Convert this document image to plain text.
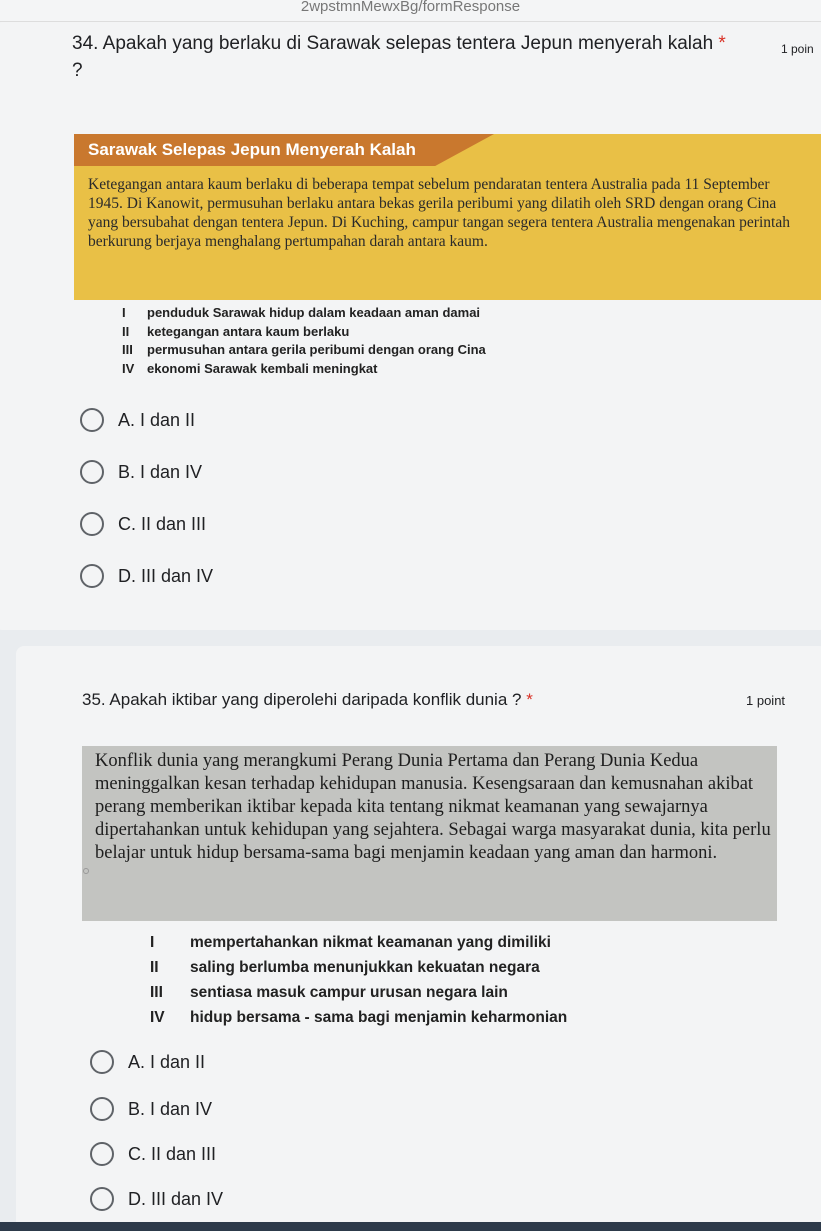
2wpstmnMewxBg/formResponse
34. Apakah yang berlaku di Sarawak selepas tentera Jepun menyerah kalah *
?
1 poin
Sarawak Selepas Jepun Menyerah Kalah
Ketegangan antara kaum berlaku di beberapa tempat sebelum pendaratan tentera Australia pada 11 September 1945. Di Kanowit, permusuhan berlaku antara bekas gerila peribumi yang dilatih oleh SRD dengan orang Cina yang bersubahat dengan tentera Jepun. Di Kuching, campur tangan segera tentera Australia mengenakan perintah berkurung berjaya menghalang pertumpahan darah antara kaum.
I	penduduk Sarawak hidup dalam keadaan aman damai
II	ketegangan antara kaum berlaku
III	permusuhan antara gerila peribumi dengan orang Cina
IV ekonomi Sarawak kembali meningkat
A. I dan II
B. I dan IV
C. II dan III
D. III dan IV
35. Apakah iktibar yang diperolehi daripada konflik dunia ? *	1 point
Konflik dunia yang merangkumi Perang Dunia Pertama dan Perang Dunia Kedua meninggalkan kesan terhadap kehidupan manusia. Kesengsaraan dan kemusnahan akibat perang memberikan iktibar kepada kita tentang nikmat keamanan yang sewajarnya dipertahankan untuk kehidupan yang sejahtera. Sebagai warga masyarakat dunia, kita perlu belajar untuk hidup bersama-sama bagi menjamin keadaan yang aman dan harmoni.
I	mempertahankan nikmat keamanan yang dimiliki
II	saling berlumba menunjukkan kekuatan negara
III	sentiasa masuk campur urusan negara lain
IV	hidup bersama - sama bagi menjamin keharmonian
A. I dan II
B. I dan IV
C. II dan III
D. III dan IV
